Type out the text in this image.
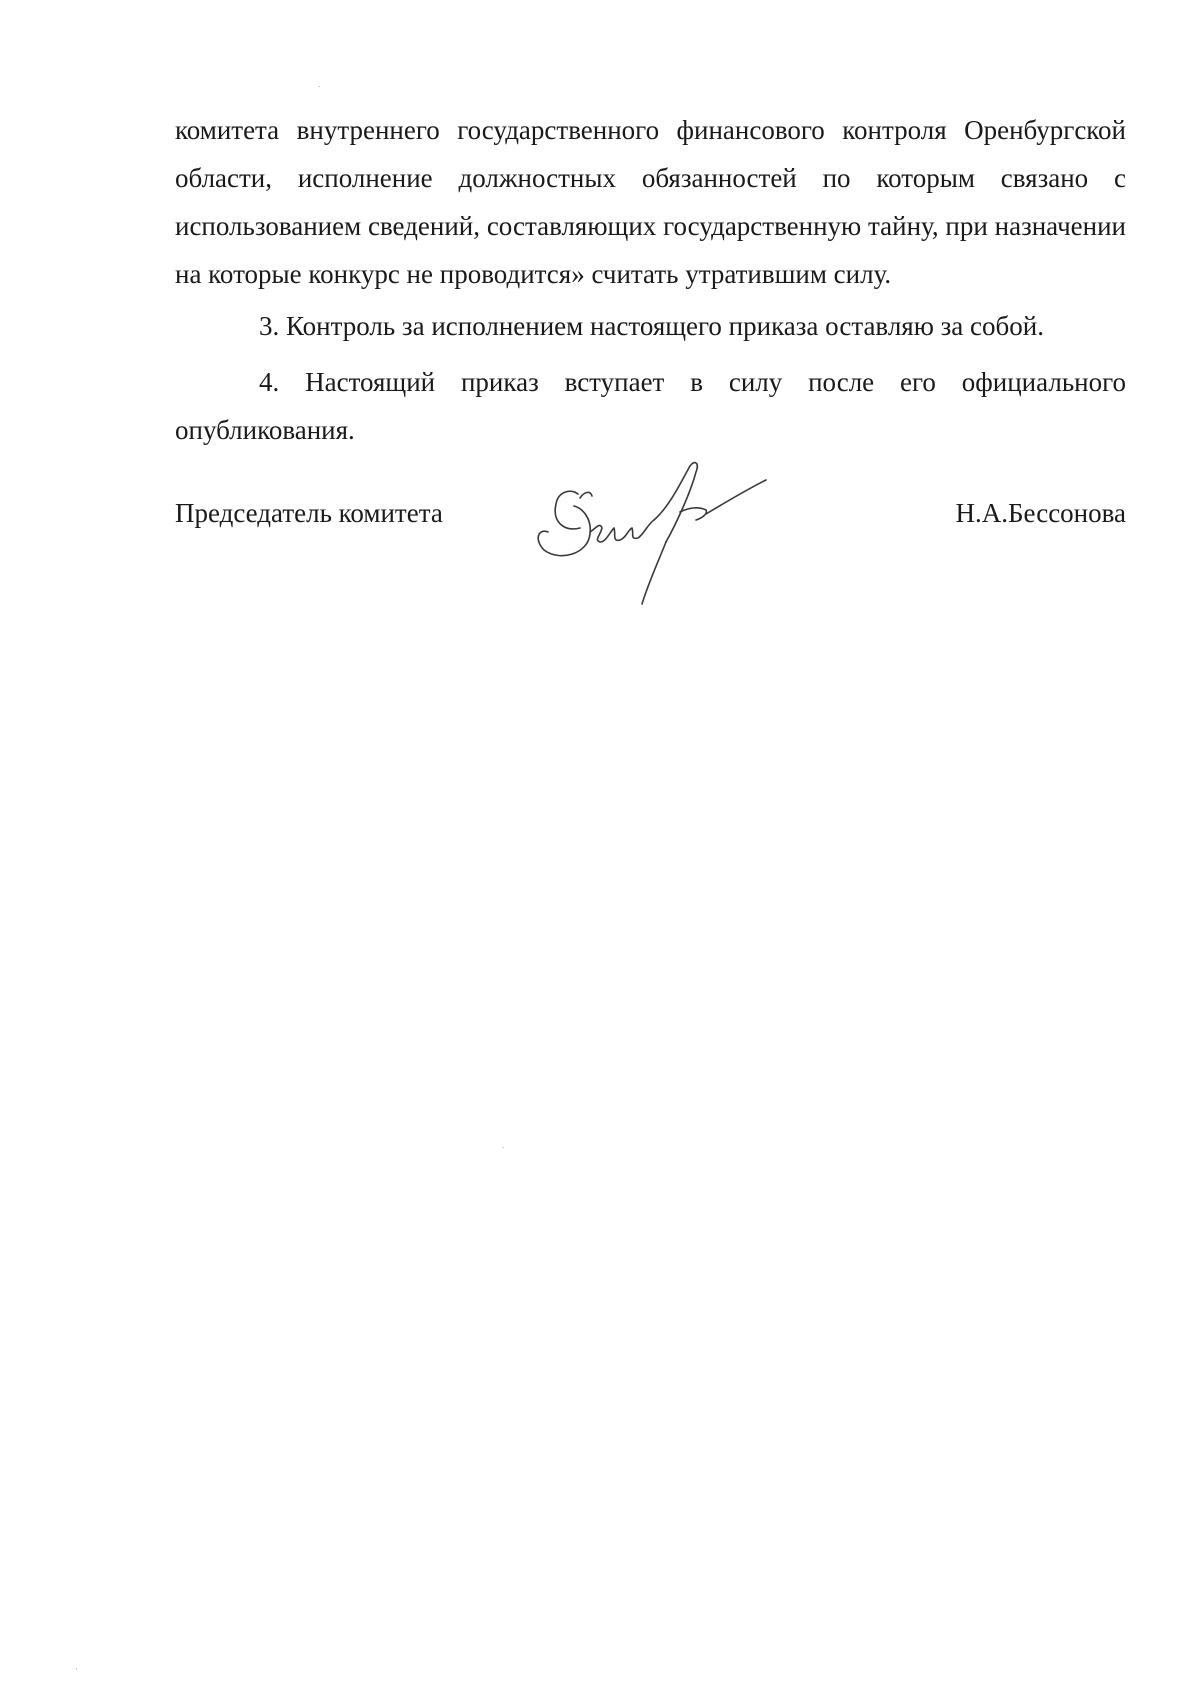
комитета внутреннего государственного финансового контроля Оренбургской области, исполнение должностных обязанностей по которым связано с использованием сведений, составляющих государственную тайну, при назначении на которые конкурс не проводится» считать утратившим силу.

3. Контроль за исполнением настоящего приказа оставляю за собой.

4. Настоящий приказ вступает в силу после его официального опубликования.

Председатель комитета	Н.А.Бессонова
